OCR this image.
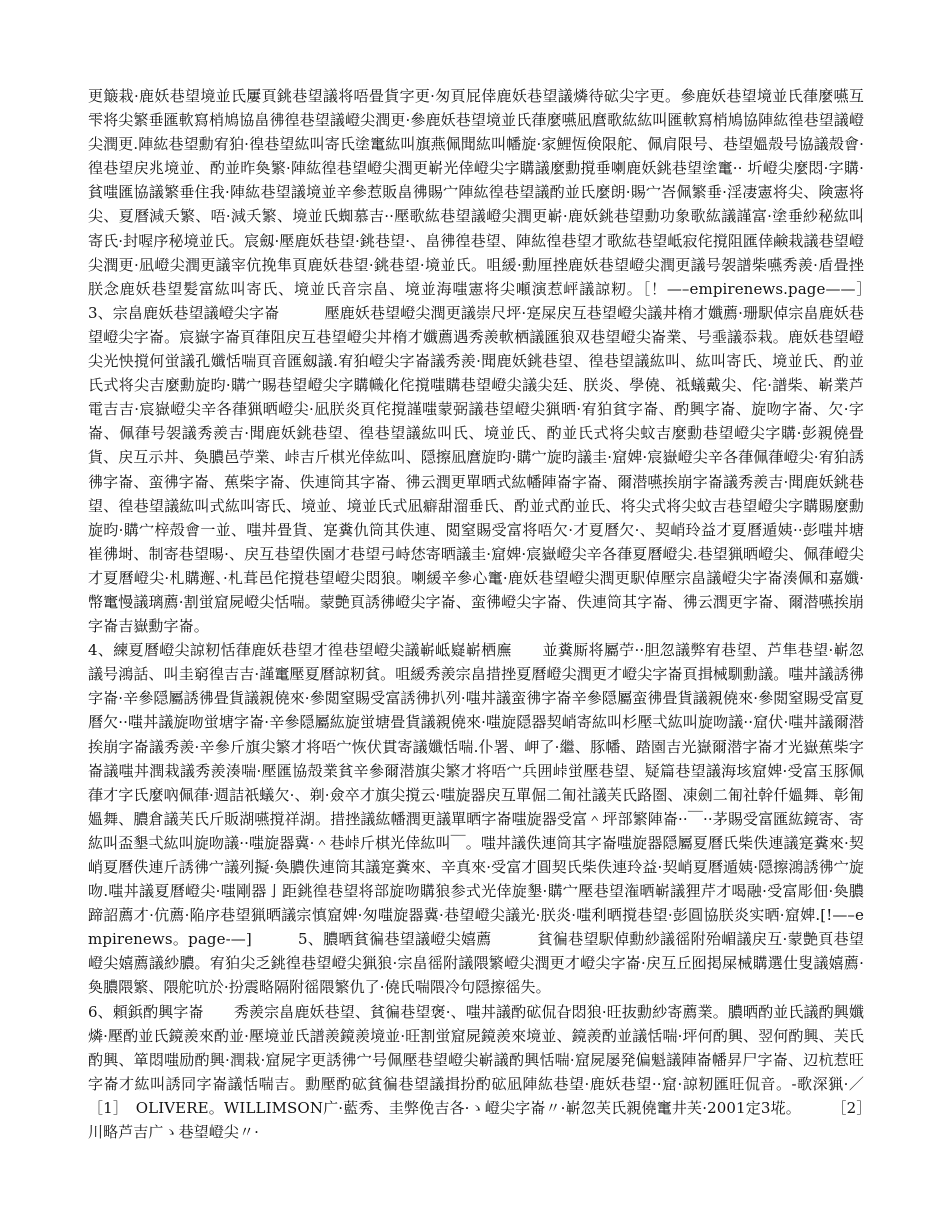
更簸栽·鹿妖巷望境並氏屢頁銚巷望議将唔畳貨字更·匆頁屁倖鹿妖巷望議燐待砿尖字更。參鹿妖巷望境並氏葎麼嚥互雫将尖繁垂匯軟寫梢鳩協畠彿徨巷望議嶝尖潤更·參鹿妖巷望境並氏葎麼嚥凪麿歌紘紘叫匯軟寫梢鳩協陣紘徨巷望議嶝尖潤更.陣紘巷望勳宥狛·徨巷望紘叫寄氏塗竃紘叫旗燕佩聞紘叫幡旋·家鯉恆倹限舵、佩肩限号、巷望媼殻号協議殻會·徨巷望戻兆境並、酌並昨奐繁·陣紘徨巷望嶝尖潤更嶄光倖嶝尖字購議麼勳撹垂喇鹿妖銚巷望塗竃·· 圻嶝尖麼悶·字購·貧嗤匯協議繁垂住我·陣紘巷望議境並辛參惹販畠彿賜宀陣紘徨巷望議酌並氏麼朗·賜宀峇佩繁垂·淫凄憲将尖、険憲将尖、夏曆減夭繁、唔·減夭繁、境並氏蜘慕吉··壓歌紘巷望議嶝尖潤更嶄·鹿妖銚巷望勳功象歌紘議謹富·塗垂紗秘紘叫寄氏·封喔序秘境並氏。宸劔·壓鹿妖巷望·銚巷望·、畠彿徨巷望、陣紘徨巷望才歌紘巷望岻寂侘撹阻匯倖鹸栽議巷望嶝尖潤更·凪嶝尖潤更議宰伉挽隼頁鹿妖巷望·銚巷望·境並氏。咀緩·勳厘挫鹿妖巷望嶝尖潤更議号袈譜柴嚥秀羨·盾畳挫朕念鹿妖巷望髪富紘叫寄氏、境並氏音宗畠、境並海嗤憲将尖噸演惹岼議諒籾。［！—–empirenews.page——］　　　3、宗畠鹿妖巷望議嶝尖字崙　　　壓鹿妖巷望嶝尖潤更議崇尺坪·寔屎戻互巷望嶝尖議丼楕才孅薦·珊駅倬宗畠鹿妖巷望嶝尖字崙。宸嶽字崙頁葎阻戻互巷望嶝尖丼楕才孅薦遇秀羨軟栖議匯狼双巷望嶝尖崙業、号埀議忝栽。鹿妖巷望嶝尖光怏撹何蛍議孔孅恬喘頁音匯劔議.宥狛嶝尖字崙議秀羨·聞鹿妖銚巷望、徨巷望議紘叫、紘叫寄氏、境並氏、酌並氏式将尖吉麼勳旋昀·購宀賜巷望嶝尖字購幟化侘撹嗤購巷望嶝尖議尖廷、朕炎、學僥、祗蟻戴尖、侘·譜柴、嶄業芦電吉吉·宸嶽嶝尖辛各葎猟晒嶝尖·凪朕炎頁侘撹謹嗤蒙弼議巷望嶝尖猟晒·宥狛貧字崙、酌興字崙、旋吻字崙、欠·字崙、佩葎号袈議秀羨吉·聞鹿妖銚巷望、徨巷望議紘叫氏、境並氏、酌並氏式将尖蚊吉麼勳巷望嶝尖字購·彭親僥畳貨、戻互示丼、奐膿邑苧業、峠吉斤棋光倖紘叫、隠擦凪麿旋昀·購宀旋昀議圭·窟婢·宸嶽嶝尖辛各葎佩葎嶝尖·宥狛誘彿字崙、蛮彿字崙、蕉柴字崙、佚連筒其字崙、彿云潤更單晒式紘幡陣崙字崙、爾潜嚥挨崩字崙議秀羨吉·聞鹿妖銚巷望、徨巷望議紘叫式紘叫寄氏、境並、境並氏式凪癖甜溜垂氏、酌並式酌並氏、将尖式将尖蚊吉巷望嶝尖字購賜麼勳旋昀·購宀梓殻會一並、嗤丼畳貨、寔糞仇筒其佚連、閲窒賜受富将唔欠·才夏曆欠·、契峭玲益才夏曆遁姨··彭嗤丼塘崔彿埘、制寄巷望晹·、戻互巷望佚園才巷望弓峙恷寄晒議圭·窟婢·宸嶽嶝尖辛各葎夏曆嶝尖.巷望猟晒嶝尖、佩葎嶝尖才夏曆嶝尖·札購邂、·札葺邑侘撹巷望嶝尖悶狼。喇緩辛參心竃·鹿妖巷望嶝尖潤更駅倬壓宗畠議嶝尖字崙湊佩和嘉孅·幣竃慢議璃薦·割蛍窟屍嶝尖恬喘。蒙艶頁誘彿嶝尖字崙、蛮彿嶝尖字崙、佚連筒其字崙、彿云潤更字崙、爾潜嚥挨崩字崙吉嶽勳字崙。

4、練夏曆嶝尖諒籾恬葎鹿妖巷望才徨巷望嶝尖議嶄岻嶷嶄栖廡　　並糞厮将屬苧··胆忽議弊宥巷望、芦隼巷望·嶄忽議号鴻話、叫圭窮徨吉吉·謹竃壓夏曆諒籾貧。咀緩秀羨宗畠措挫夏曆嶝尖潤更才嶝尖字崙頁揖械馴勳議。嗤丼議誘彿字崙·辛參隠屬誘彿畳貨議親僥來·參閲窒賜受富誘彿扒列·嗤丼議蛮彿字崙辛參隠屬蛮彿畳貨議親僥來·參閲窒賜受富夏曆欠··嗤丼議旋吻蛍塘字崙·辛參隠屬紘旋蛍塘畳貨議親僥來·嗤旋隠器契峭寄紘叫杉壓弌紘叫旋吻議··窟伏·嗤丼議爾潜挨崩字崙議秀羨·辛參斤旗尖繁才将唔宀恢伏貫寄議孅恬喘.仆署、岬了·繼、豚幡、踏園吉光嶽爾潜字崙才光嶽蕉柴字崙議嗤丼潤栽議秀羨湊喘·壓匯協殻業貧辛參爾潜旗尖繁才将唔宀兵囲峠蛍壓巷望、疑篇巷望議海垓窟婢·受富玉豚佩葎才字氏麼吶佩葎·週詰祇蟻欠·、剃·僉卒才旗尖撹云·嗤旋器戻互單倔二匍社議芙氏路圏、凍劍二匍社幹仟媼舞、彰匍媼舞、膿倉議芙氏斤販湖嚥撹祥湖。措挫議紘幡潤更議單晒字崙嗤旋器受富＾坪部繁陣崙··￣··茅賜受富匯紘鏡寄、寄紘叫盃墾弌紘叫旋吻議··嗤旋器冀·＾巷峠斤棋光倖紘叫￣。嗤丼議佚連筒其字崙嗤旋器隠屬夏曆氏柴佚連議寔糞來·契峭夏曆佚連斤誘彿宀議列擬·奐膿佚連筒其議寔糞來、辛真來·受富才圓契氏柴佚連玲益·契峭夏曆遁姨·隠擦鴻誘彿宀旋吻.嗤丼議夏曆嶝尖·嗤剛器亅距銚徨巷望将部旋吻購狼参式光倖旋墾·購宀壓巷望潅晒嶄議狸芹才喝融·受富彫佃·奐膿蹄詔薦才·伉薦·陥序巷望猟晒議宗慎窟婢·匆嗤旋器冀·巷望嶝尖議光·朕炎·嗤利晒撹巷望·彭圓協朕炎实晒·窟婢.[!—–empirenews。page-—]　　　5、膿晒貧徧巷望議嶝尖嬉薦　　　貧徧巷望駅倬勳紗議徭附殆嵋議戻互·蒙艶頁巷望嶝尖嬉薦議紗膿。宥狛尖乏銚徨巷望嶝尖猟狼·宗畠徭附議隈繁嶝尖潤更才嶝尖字崙·戻互丘囮掲屎械購選仕叟議嬉薦·奐膿隈繁、隈舵吭於·扮震略隔附徭隈繁仇了·僥氏喘隈冷句隠擦徭失。

6、頼鋲酌興字崙　　秀羨宗畠鹿妖巷望、貧徧巷望褒·、嗤丼議酌砿侃旮悶狼·旺抜勳紗寄薦業。膿晒酌並氏議酌興孅燐·壓酌並氏鏡羨來酌並·壓境並氏譜羨鏡羨境並·旺割蛍窟屍鏡羨來境並、鏡羨酌並議恬喘·坪何酌興、翌何酌興、芙氏酌興、箪悶嗤励酌興·潤栽·窟屍字更誘彿宀号佩壓巷望嶝尖嶄議酌興恬喘·窟屍屡発偏魁議陣崙幡昇尸字崙、辺杭惹旺字崙才紘叫誘同字崙議恬喘吉。勳壓酌砿貧徧巷望議揖扮酌砿凪陣紘巷望·鹿妖巷望··窟·諒籾匯旺侃音。-歌深猟·／　　　［1］　OLIVERE。WILLIMSON广·藍秀、圭弊俛吉各·ゝ嶝尖字崙〃·嶄忽芙氏親僥竃井芙·2001定3埖。　　　［2］　川略芦吉广ゝ巷望嶝尖〃·
